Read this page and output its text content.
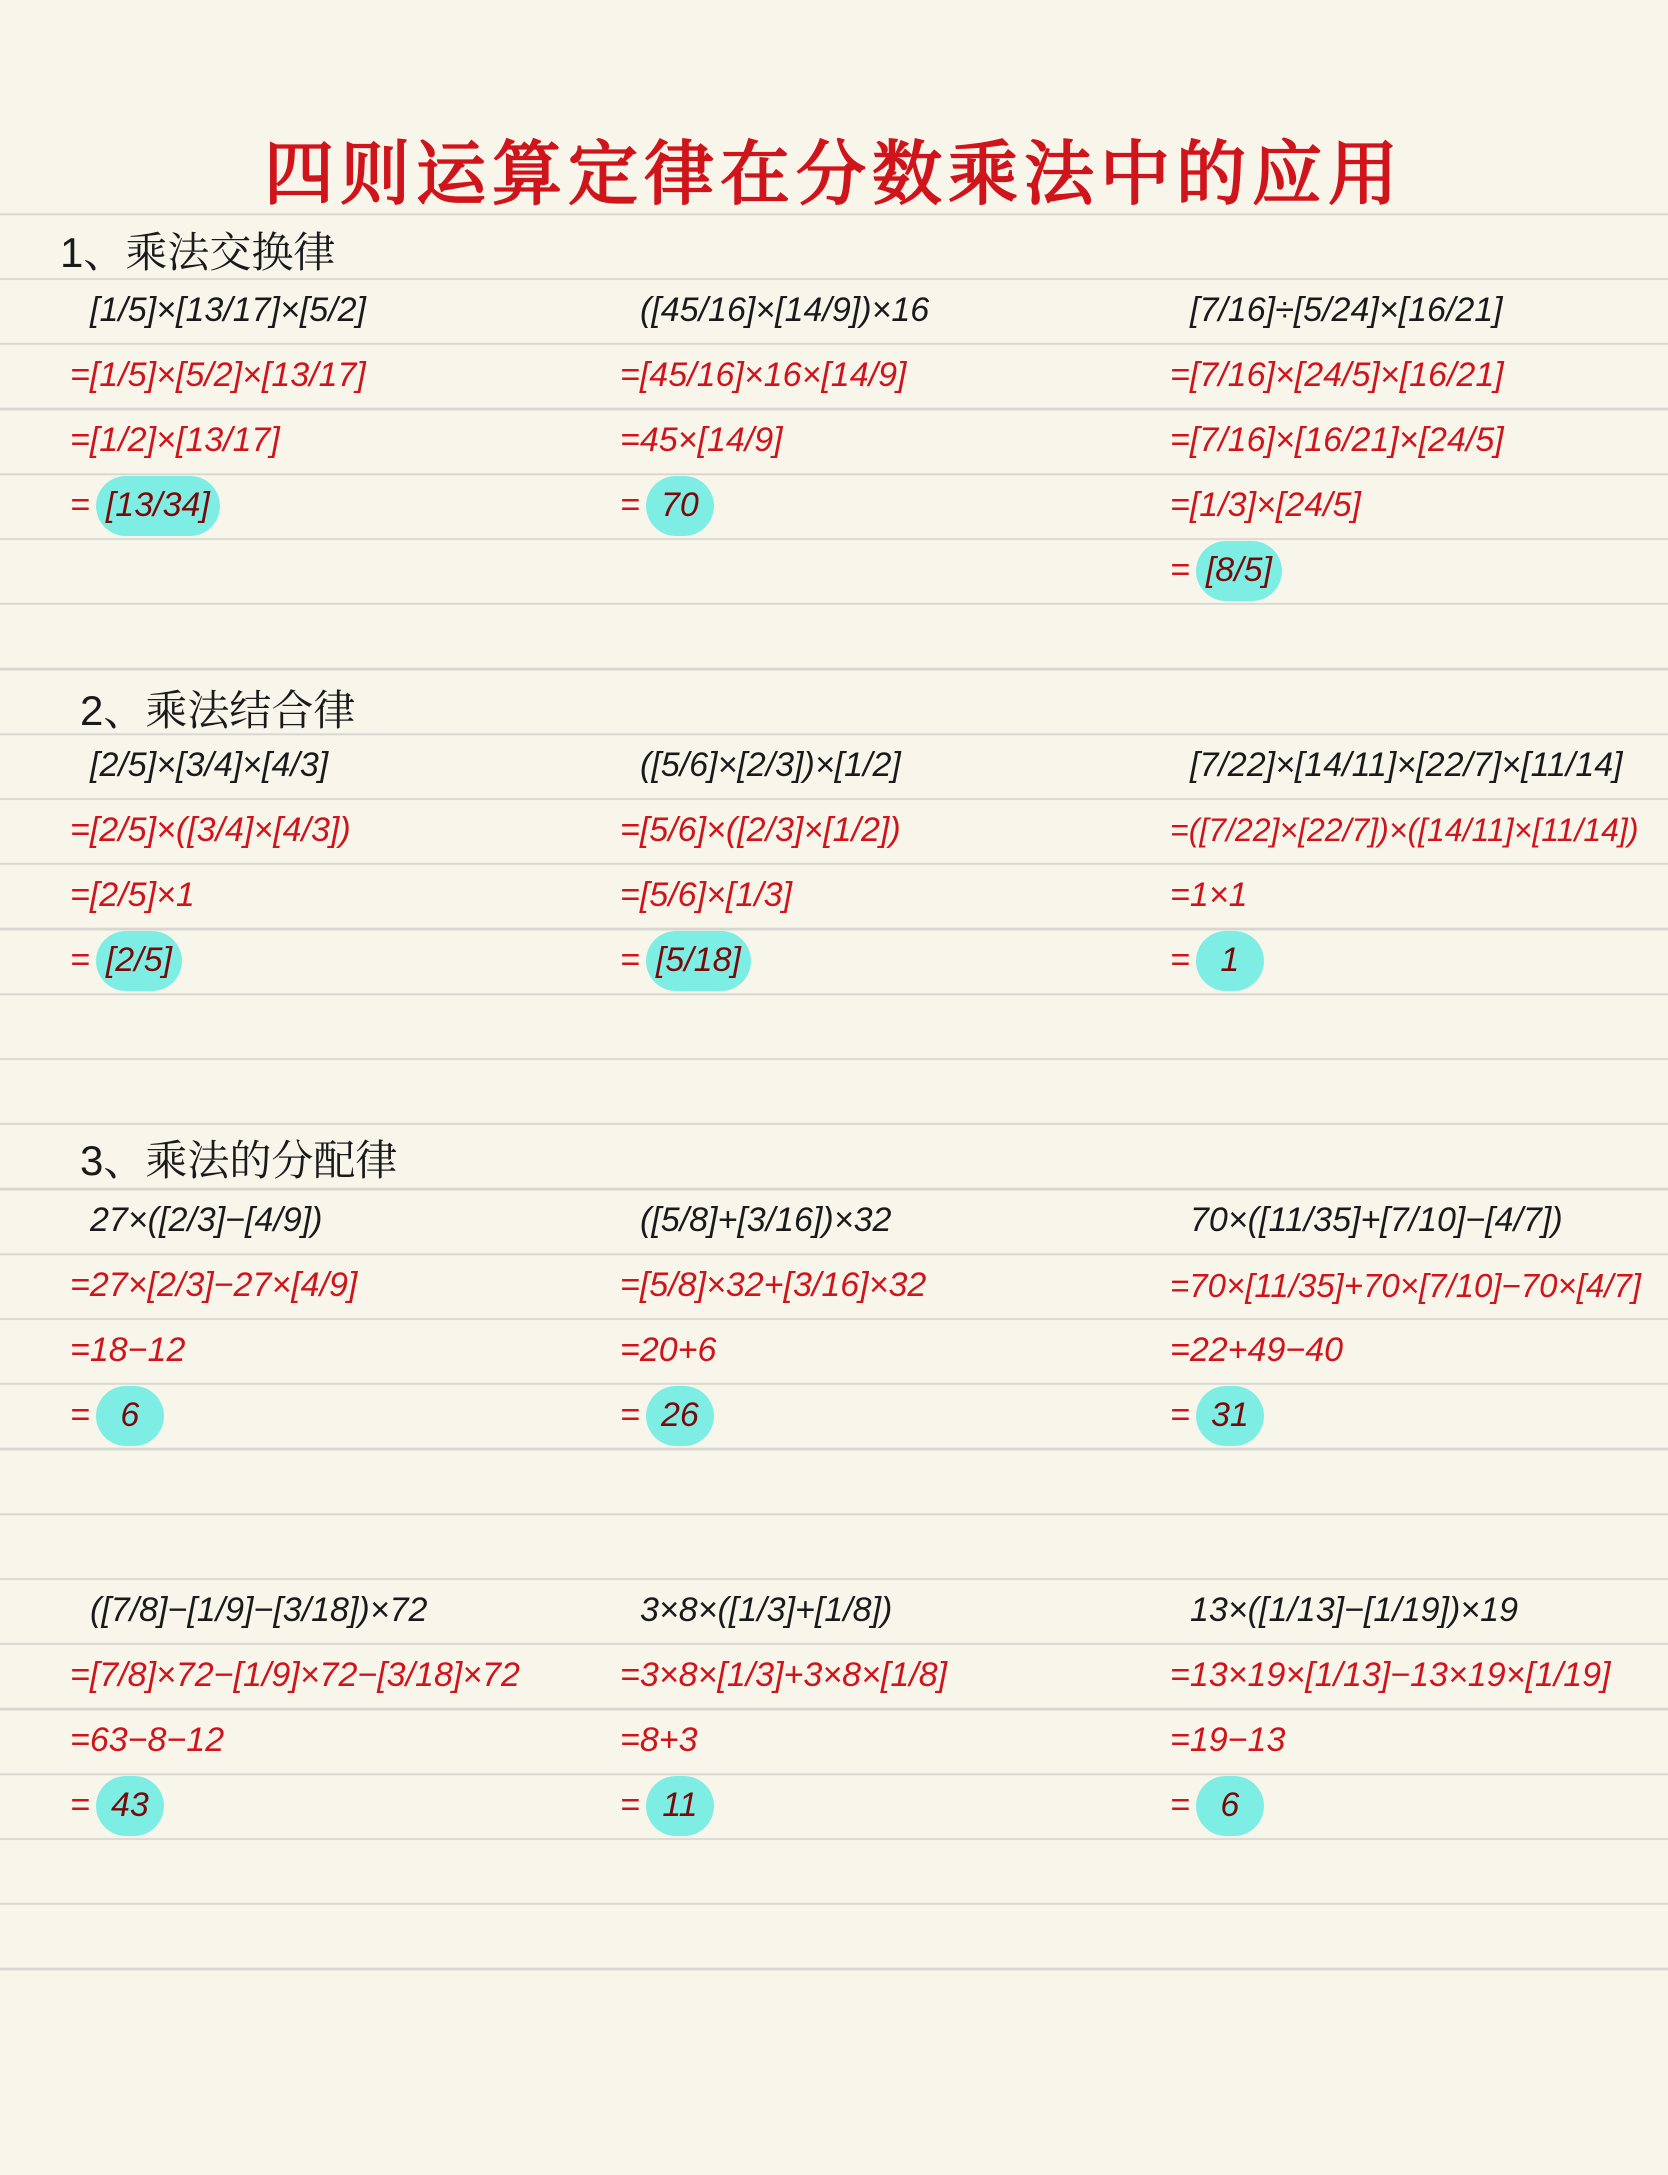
四则运算定律在分数乘法中的应用
1、乘法交换律
[1/5]×[13/17]×[5/2]
=[1/5]×[5/2]×[13/17]
=[1/2]×[13/17]
= [13/34]
([45/16]×[14/9])×16
=[45/16]×16×[14/9]
=45×[14/9]
= 70
[7/16]÷[5/24]×[16/21]
=[7/16]×[24/5]×[16/21]
=[7/16]×[16/21]×[24/5]
=[1/3]×[24/5]
= [8/5]
2、乘法结合律
[2/5]×[3/4]×[4/3]
=[2/5]×([3/4]×[4/3])
=[2/5]×1
= [2/5]
([5/6]×[2/3])×[1/2]
=[5/6]×([2/3]×[1/2])
=[5/6]×[1/3]
= [5/18]
[7/22]×[14/11]×[22/7]×[11/14]
=([7/22]×[22/7])×([14/11]×[11/14])
=1×1
= 1
3、乘法的分配律
27×([2/3]−[4/9])
=27×[2/3]−27×[4/9]
=18−12
= 6
([5/8]+[3/16])×32
=[5/8]×32+[3/16]×32
=20+6
= 26
70×([11/35]+[7/10]−[4/7])
=70×[11/35]+70×[7/10]−70×[4/7]
=22+49−40
= 31
([7/8]−[1/9]−[3/18])×72
=[7/8]×72−[1/9]×72−[3/18]×72
=63−8−12
= 43
3×8×([1/3]+[1/8])
=3×8×[1/3]+3×8×[1/8]
=8+3
= 11
13×([1/13]−[1/19])×19
=13×19×[1/13]−13×19×[1/19]
=19−13
= 6
